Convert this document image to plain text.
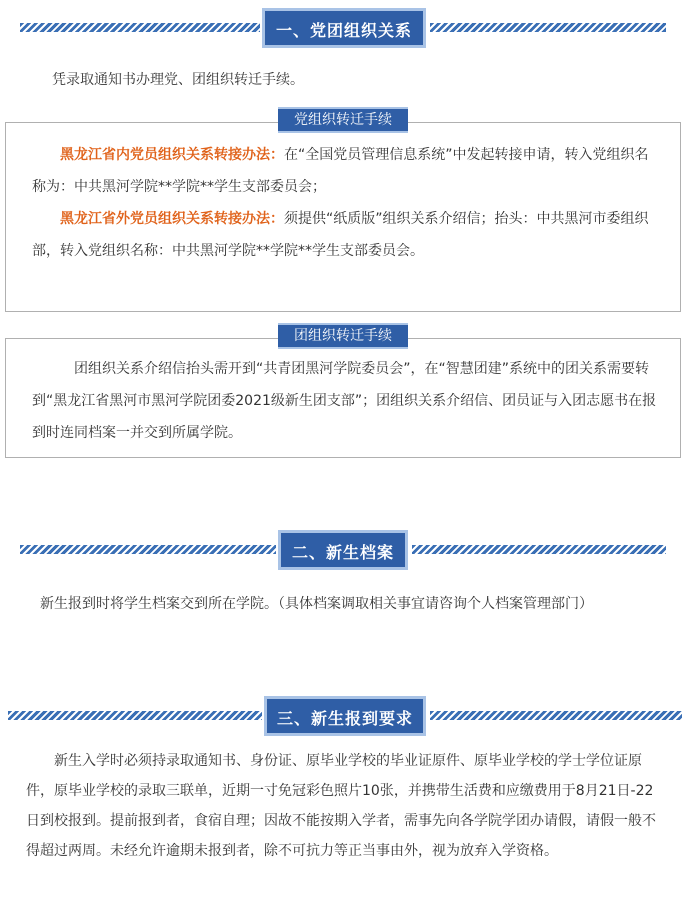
一、党团组织关系

凭录取通知书办理党、团组织转迁手续。

黑龙江省内党员组织关系转接办法：在“全国党员管理信息系统”中发起转接申请，转入党组织名称为：中共黑河学院**学院**学生支部委员会；

黑龙江省外党员组织关系转接办法：须提供“纸质版”组织关系介绍信；抬头：中共黑河市委组织部，转入党组织名称：中共黑河学院**学院**学生支部委员会。

党组织转迁手续

团组织关系介绍信抬头需开到“共青团黑河学院委员会”，在“智慧团建”系统中的团关系需要转到“黑龙江省黑河市黑河学院团委2021级新生团支部”；团组织关系介绍信、团员证与入团志愿书在报到时连同档案一并交到所属学院。

团组织转迁手续
二、新生档案

新生报到时将学生档案交到所在学院。（具体档案调取相关事宜请咨询个人档案管理部门）

三、新生报到要求

新生入学时必须持录取通知书、身份证、原毕业学校的毕业证原件、原毕业学校的学士学位证原件，原毕业学校的录取三联单，近期一寸免冠彩色照片10张，并携带生活费和应缴费用于8月21日-22日到校报到。提前报到者，食宿自理；因故不能按期入学者，需事先向各学院学团办请假，请假一般不得超过两周。未经允许逾期未报到者，除不可抗力等正当事由外，视为放弃入学资格。
